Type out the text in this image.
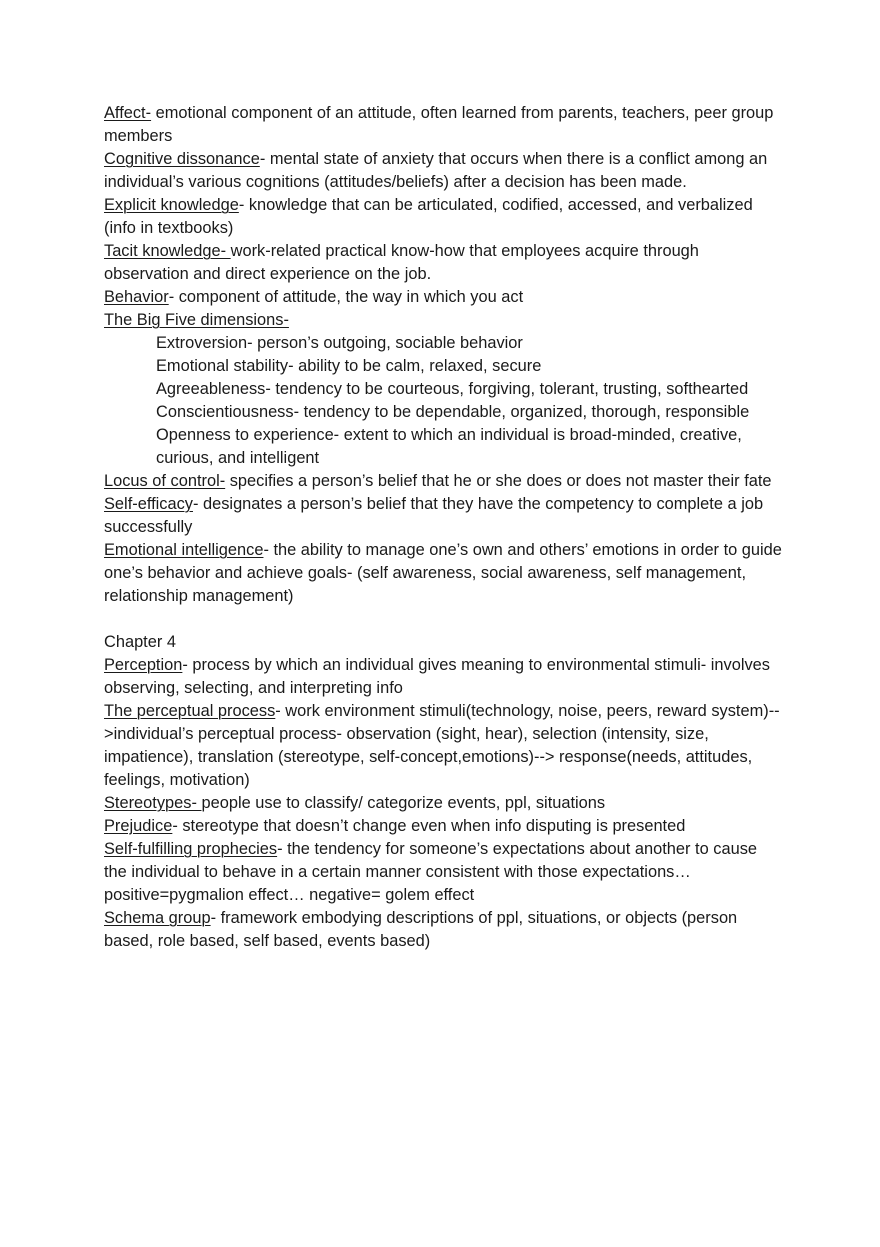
Affect- emotional component of an attitude, often learned from parents, teachers, peer group members

Cognitive dissonance- mental state of anxiety that occurs when there is a conflict among an individual’s various cognitions (attitudes/beliefs) after a decision has been made.

Explicit knowledge- knowledge that can be articulated, codified, accessed, and verbalized (info in textbooks)

Tacit knowledge- work-related practical know-how that employees acquire through observation and direct experience on the job.

Behavior- component of attitude, the way in which you act

The Big Five dimensions-

Extroversion- person’s outgoing, sociable behavior

Emotional stability- ability to be calm, relaxed, secure

Agreeableness- tendency to be courteous, forgiving, tolerant, trusting, softhearted

Conscientiousness- tendency to be dependable, organized, thorough, responsible

Openness to experience- extent to which an individual is broad-minded, creative, curious, and intelligent

Locus of control- specifies a person’s belief that he or she does or does not master their fate

Self-efficacy- designates a person’s belief that they have the competency to complete a job successfully

Emotional intelligence- the ability to manage one’s own and others’ emotions in order to guide one’s behavior and achieve goals- (self awareness, social awareness, self management, relationship management)

Chapter 4

Perception- process by which an individual gives meaning to environmental stimuli- involves observing, selecting, and interpreting info

The perceptual process- work environment stimuli(technology, noise, peers, reward system)-->individual’s perceptual process- observation (sight, hear), selection (intensity, size, impatience), translation (stereotype, self-concept,emotions)--> response(needs, attitudes, feelings, motivation)

Stereotypes- people use to classify/ categorize events, ppl, situations

Prejudice- stereotype that doesn’t change even when info disputing is presented

Self-fulfilling prophecies- the tendency for someone’s expectations about another to cause the individual to behave in a certain manner consistent with those expectations… positive=pygmalion effect… negative= golem effect

Schema group- framework embodying descriptions of ppl, situations, or objects (person based, role based, self based, events based)
